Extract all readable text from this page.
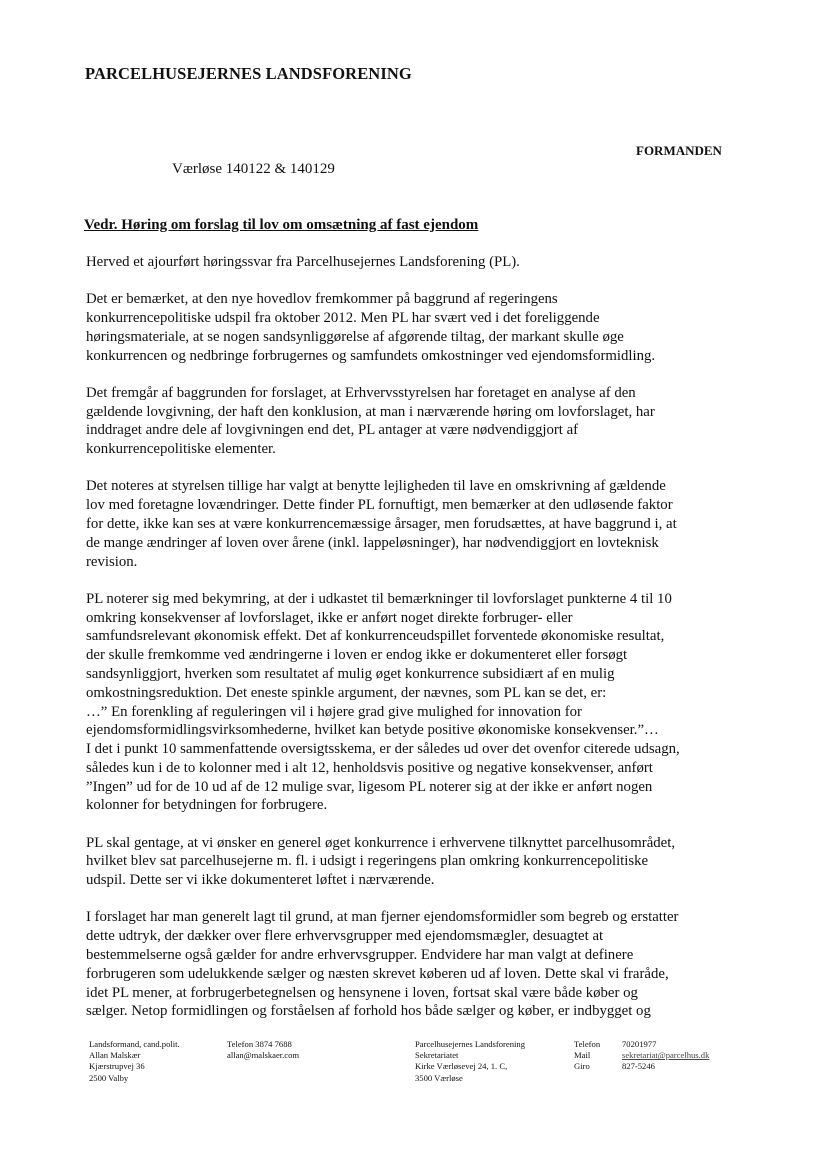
PARCELHUSEJERNES LANDSFORENING
FORMANDEN
Værløse 140122 & 140129
Vedr. Høring om forslag til lov om omsætning af fast ejendom

Herved et ajourført høringssvar fra Parcelhusejernes Landsforening (PL).

Det er bemærket, at den nye hovedlov fremkommer på baggrund af regeringens
konkurrencepolitiske udspil fra oktober 2012. Men PL har svært ved i det foreliggende
høringsmateriale, at se nogen sandsynliggørelse af afgørende tiltag, der markant skulle øge
konkurrencen og nedbringe forbrugernes og samfundets omkostninger ved ejendomsformidling.

Det fremgår af baggrunden for forslaget, at Erhvervsstyrelsen har foretaget en analyse af den
gældende lovgivning, der haft den konklusion, at man i nærværende høring om lovforslaget, har
inddraget andre dele af lovgivningen end det, PL antager at være nødvendiggjort af
konkurrencepolitiske elementer.

Det noteres at styrelsen tillige har valgt at benytte lejligheden til lave en omskrivning af gældende
lov med foretagne lovændringer. Dette finder PL fornuftigt, men bemærker at den udløsende faktor
for dette, ikke kan ses at være konkurrencemæssige årsager, men forudsættes, at have baggrund i, at
de mange ændringer af loven over årene (inkl. lappeløsninger), har nødvendiggjort en lovteknisk
revision.

PL noterer sig med bekymring, at der i udkastet til bemærkninger til lovforslaget punkterne 4 til 10
omkring konsekvenser af lovforslaget, ikke er anført noget direkte forbruger- eller
samfundsrelevant økonomisk effekt. Det af konkurrenceudspillet forventede økonomiske resultat,
der skulle fremkomme ved ændringerne i loven er endog ikke er dokumenteret eller forsøgt
sandsynliggjort, hverken som resultatet af mulig øget konkurrence subsidiært af en mulig
omkostningsreduktion. Det eneste spinkle argument, der nævnes, som PL kan se det, er:
…” En forenkling af reguleringen vil i højere grad give mulighed for innovation for
ejendomsformidlingsvirksomhederne, hvilket kan betyde positive økonomiske konsekvenser.”…
I det i punkt 10 sammenfattende oversigtsskema, er der således ud over det ovenfor citerede udsagn,
således kun i de to kolonner med i alt 12, henholdsvis positive og negative konsekvenser, anført
”Ingen” ud for de 10 ud af de 12 mulige svar, ligesom PL noterer sig at der ikke er anført nogen
kolonner for betydningen for forbrugere.

PL skal gentage, at vi ønsker en generel øget konkurrence i erhvervene tilknyttet parcelhusområdet,
hvilket blev sat parcelhusejerne m. fl. i udsigt i regeringens plan omkring konkurrencepolitiske
udspil. Dette ser vi ikke dokumenteret løftet i nærværende.

I forslaget har man generelt lagt til grund, at man fjerner ejendomsformidler som begreb og erstatter
dette udtryk, der dækker over flere erhvervsgrupper med ejendomsmægler, desuagtet at
bestemmelserne også gælder for andre erhvervsgrupper. Endvidere har man valgt at definere
forbrugeren som udelukkende sælger og næsten skrevet køberen ud af loven. Dette skal vi fraråde,
idet PL mener, at forbrugerbetegnelsen og hensynene i loven, fortsat skal være både køber og
sælger. Netop formidlingen og forståelsen af forhold hos både sælger og køber, er indbygget og

Landsformand, cand.polit.
Allan Malskær
Kjærstrupvej 36
2500 Valby
Telefon 3874 7688
allan@malskaer.com
Parcelhusejernes Landsforening
Sekretariatet
Kirke Værløsevej 24, 1. C,
3500 Værløse
Telefon
Mail
Giro
70201977
sekretariat@parcelhus.dk
827-5246
